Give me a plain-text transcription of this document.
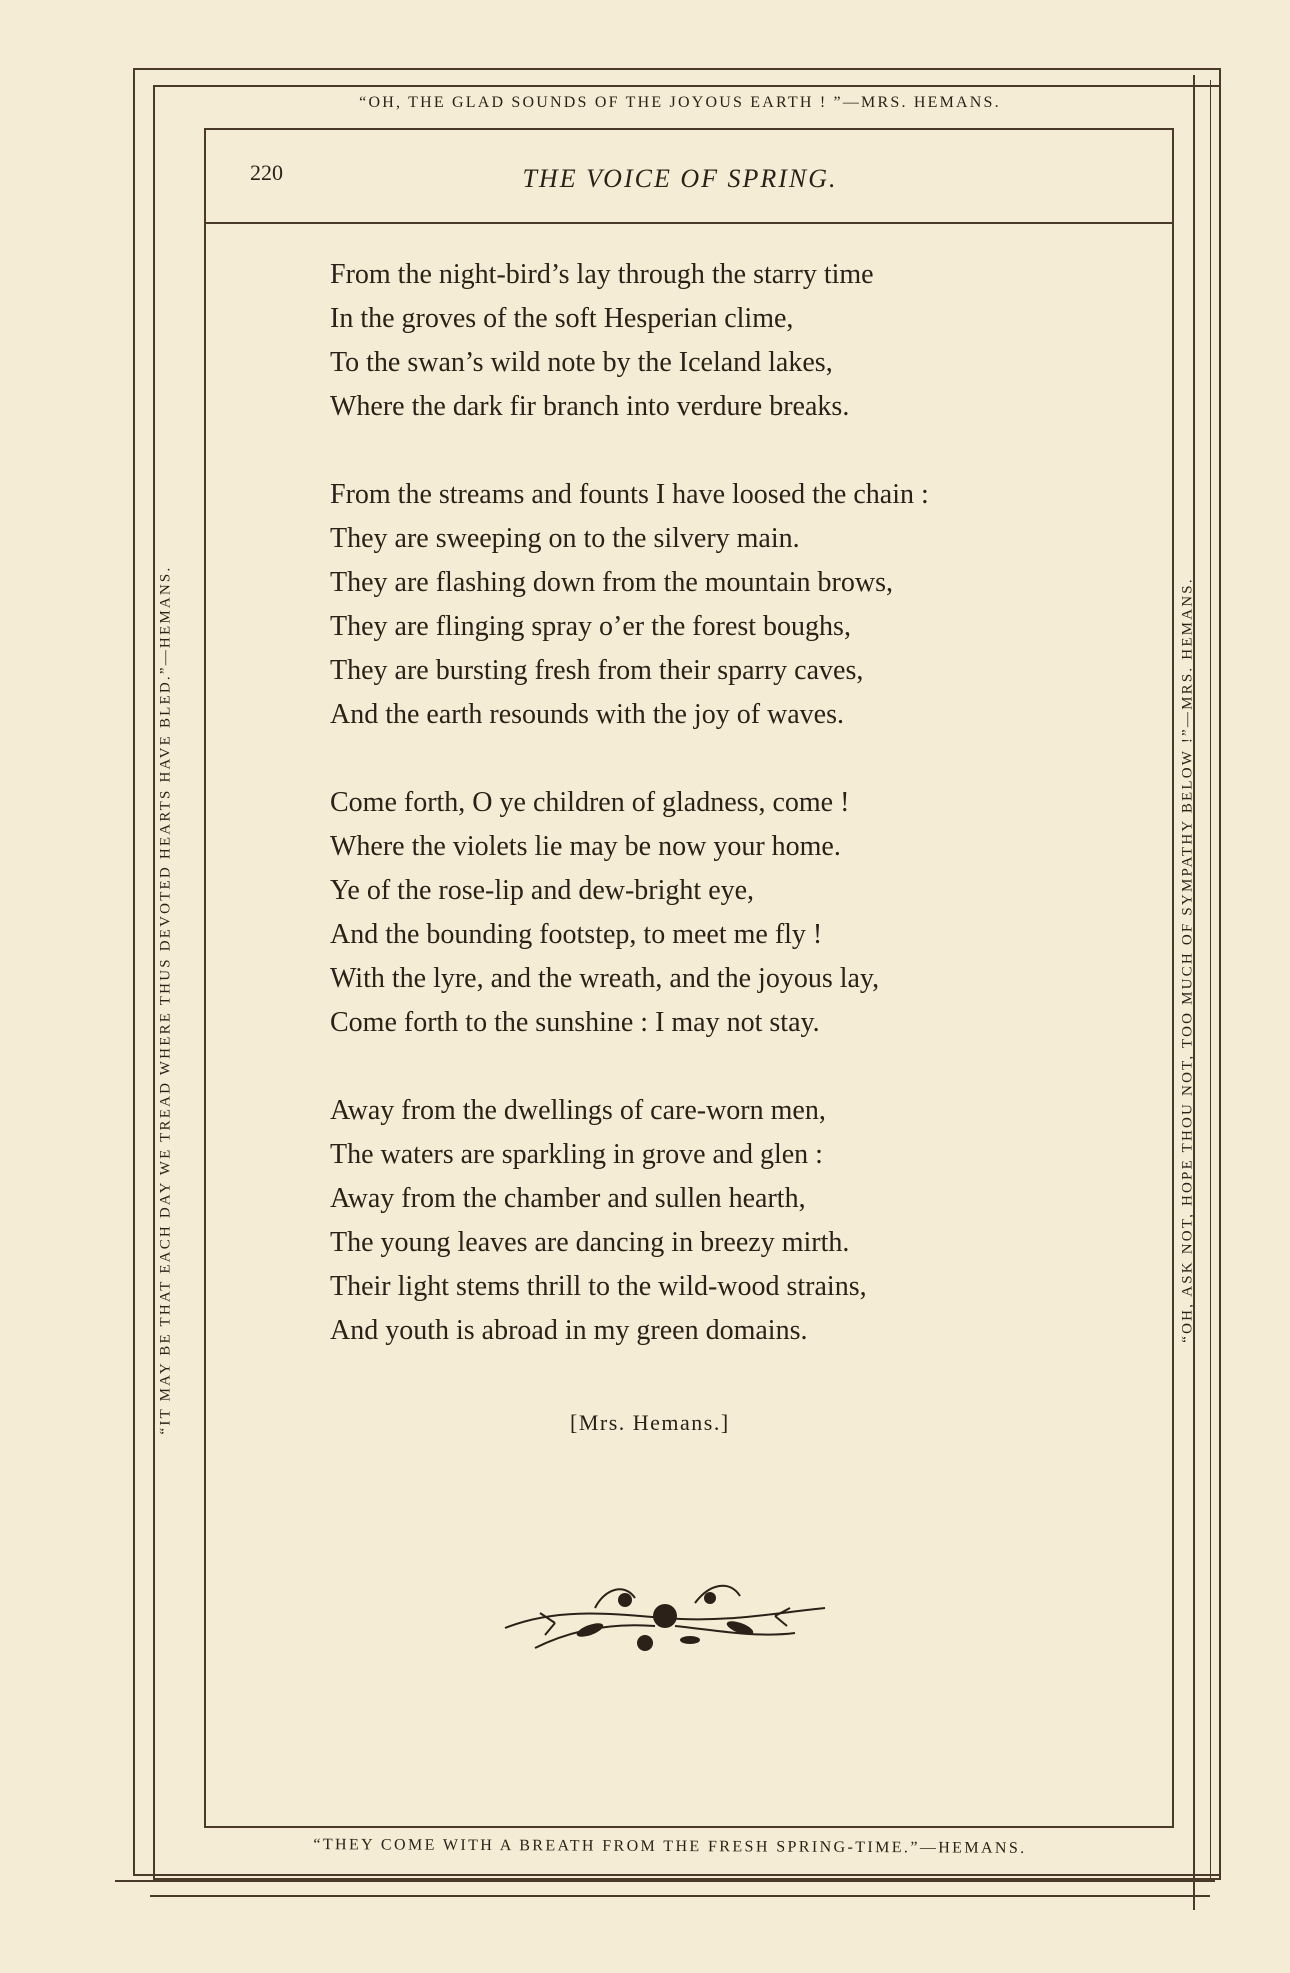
“OH, THE GLAD SOUNDS OF THE JOYOUS EARTH ! ”—MRS. HEMANS.
“IT MAY BE THAT EACH DAY WE TREAD WHERE THUS DEVOTED HEARTS HAVE BLED.”—HEMANS.	“OH, ASK NOT, HOPE THOU NOT, TOO MUCH OF SYMPATHY BELOW !”—MRS. HEMANS.
“THEY COME WITH A BREATH FROM THE FRESH SPRING-TIME.”—HEMANS.
220	THE VOICE OF SPRING.
From the night-bird’s lay through the starry time
In the groves of the soft Hesperian clime,
To the swan’s wild note by the Iceland lakes,
Where the dark fir branch into verdure breaks.
From the streams and founts I have loosed the chain :
They are sweeping on to the silvery main.
They are flashing down from the mountain brows,
They are flinging spray o’er the forest boughs,
They are bursting fresh from their sparry caves,
And the earth resounds with the joy of waves.
Come forth, O ye children of gladness, come !
Where the violets lie may be now your home.
Ye of the rose-lip and dew-bright eye,
And the bounding footstep, to meet me fly !
With the lyre, and the wreath, and the joyous lay,
Come forth to the sunshine : I may not stay.
Away from the dwellings of care-worn men,
The waters are sparkling in grove and glen :
Away from the chamber and sullen hearth,
The young leaves are dancing in breezy mirth.
Their light stems thrill to the wild-wood strains,
And youth is abroad in my green domains.
[Mrs. Hemans.]
